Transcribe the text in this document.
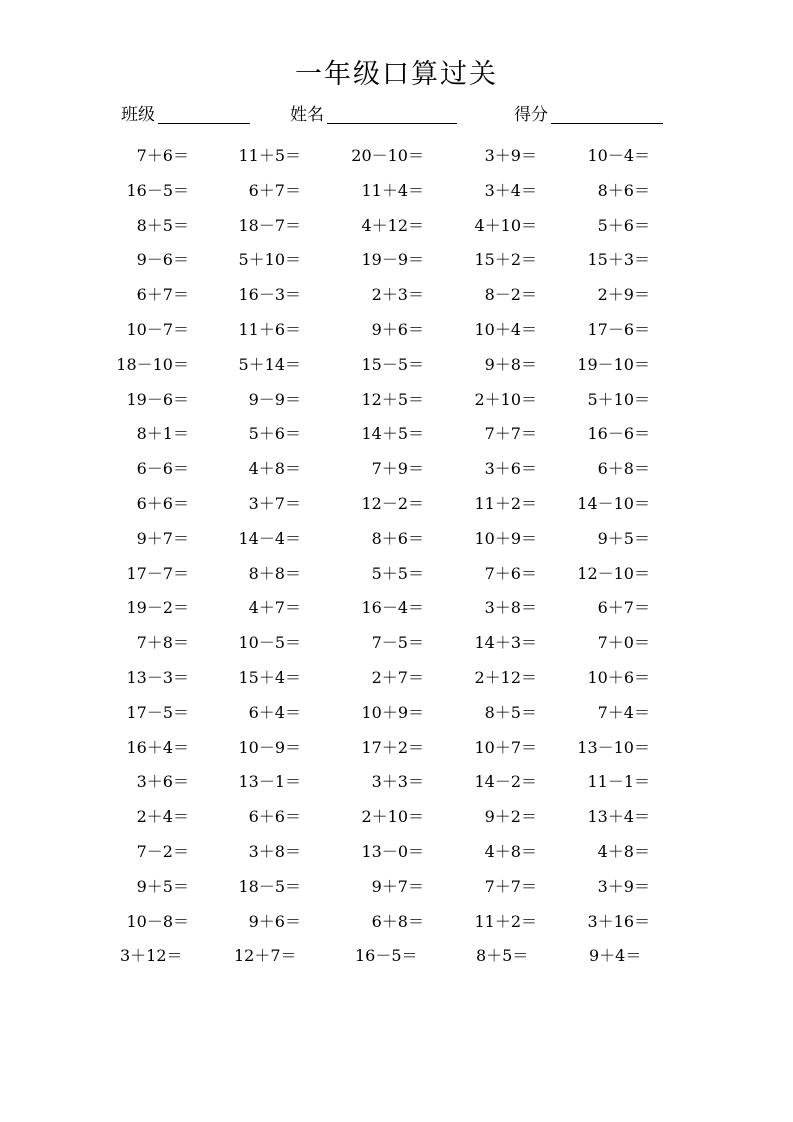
一年级口算过关
班级	姓名	得分
7＋6＝	11＋5＝	20－10＝	3＋9＝	10－4＝
16－5＝	6＋7＝	11＋4＝	3＋4＝	8＋6＝
8＋5＝	18－7＝	4＋12＝	4＋10＝	5＋6＝
9－6＝	5＋10＝	19－9＝	15＋2＝	15＋3＝
6＋7＝	16－3＝	2＋3＝	8－2＝	2＋9＝
10－7＝	11＋6＝	9＋6＝	10＋4＝	17－6＝
18－10＝	5＋14＝	15－5＝	9＋8＝	19－10＝
19－6＝	9－9＝	12＋5＝	2＋10＝	5＋10＝
8＋1＝	5＋6＝	14＋5＝	7＋7＝	16－6＝
6－6＝	4＋8＝	7＋9＝	3＋6＝	6＋8＝
6＋6＝	3＋7＝	12－2＝	11＋2＝	14－10＝
9＋7＝	14－4＝	8＋6＝	10＋9＝	9＋5＝
17－7＝	8＋8＝	5＋5＝	7＋6＝	12－10＝
19－2＝	4＋7＝	16－4＝	3＋8＝	6＋7＝
7＋8＝	10－5＝	7－5＝	14＋3＝	7＋0＝
13－3＝	15＋4＝	2＋7＝	2＋12＝	10＋6＝
17－5＝	6＋4＝	10＋9＝	8＋5＝	7＋4＝
16＋4＝	10－9＝	17＋2＝	10＋7＝	13－10＝
3＋6＝	13－1＝	3＋3＝	14－2＝	11－1＝
2＋4＝	6＋6＝	2＋10＝	9＋2＝	13＋4＝
7－2＝	3＋8＝	13－0＝	4＋8＝	4＋8＝
9＋5＝	18－5＝	9＋7＝	7＋7＝	3＋9＝
10－8＝	9＋6＝	6＋8＝	11＋2＝	3＋16＝
3＋12＝	12＋7＝	16－5＝	8＋5＝	9＋4＝
